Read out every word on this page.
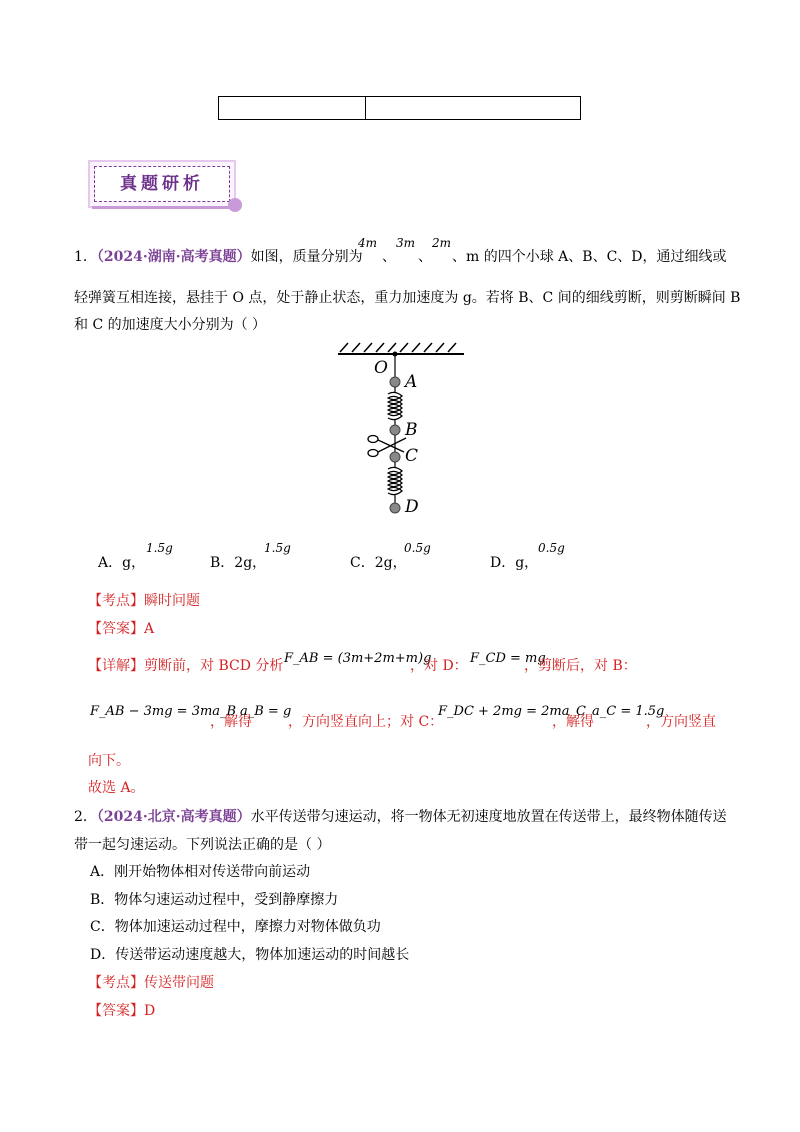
真题研析
1．（2024·湖南·高考真题）如图，质量分别为
4m
、
3m
、
2m
、m 的四个小球 A、B、C、D，通过细线或
轻弹簧互相连接，悬挂于 O 点，处于静止状态，重力加速度为 g。若将 B、C 间的细线剪断，则剪断瞬间 B
和 C 的加速度大小分别为（ ）
O
A
B
C
D
A．g，
1.5g
B．2g，
1.5g
C．2g，
0.5g
D．g，
0.5g
【考点】瞬时问题
【答案】A
【详解】剪断前，对 BCD 分析 F_AB = (3m+2m+m)g
，对 D： F_CD = mg
，剪断后，对 B：
F_AB − 3mg = 3ma_B
，解得
a_B = g
，方向竖直向上；对 C：
F_DC + 2mg = 2ma_C
，解得
a_C = 1.5g
，方向竖直
向下。
故选 A。
2．（2024·北京·高考真题）水平传送带匀速运动，将一物体无初速度地放置在传送带上，最终物体随传送
带一起匀速运动。下列说法正确的是（ ）
A．刚开始物体相对传送带向前运动
B．物体匀速运动过程中，受到静摩擦力
C．物体加速运动过程中，摩擦力对物体做负功
D．传送带运动速度越大，物体加速运动的时间越长
【考点】传送带问题
【答案】D
